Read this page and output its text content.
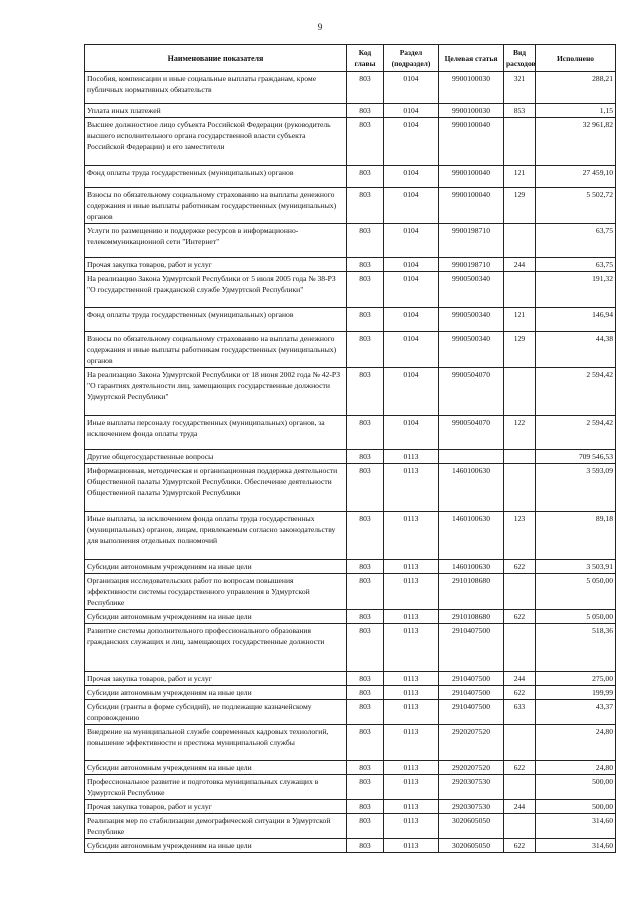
9
Наименование показателя	Код главы	Раздел (подраздел)	Целевая статья	Вид расходов	Исполнено
Пособия, компенсации и иные социальные выплаты гражданам, кроме публичных нормативных обязательств	803	0104	9900100030	321	288,21
Уплата иных платежей	803	0104	9900100030	853	1,15
Высшее должностное лицо субъекта Российской Федерации (руководитель высшего исполнительного органа государственной власти субъекта Российской Федерации) и его заместители	803	0104	9900100040		32 961,82
Фонд оплаты труда государственных (муниципальных) органов	803	0104	9900100040	121	27 459,10
Взносы по обязательному социальному страхованию на выплаты денежного содержания и иные выплаты работникам государственных (муниципальных) органов	803	0104	9900100040	129	5 502,72
Услуги по размещению и поддержке ресурсов в информационно-телекоммуникационной сети "Интернет"	803	0104	9900198710		63,75
Прочая закупка товаров, работ и услуг	803	0104	9900198710	244	63,75
На реализацию Закона Удмуртской Республики от 5 июля 2005 года № 38-РЗ "О государственной гражданской службе Удмуртской Республики"	803	0104	9900500340		191,32
Фонд оплаты труда государственных (муниципальных) органов	803	0104	9900500340	121	146,94
Взносы по обязательному социальному страхованию на выплаты денежного содержания и иные выплаты работникам государственных (муниципальных) органов	803	0104	9900500340	129	44,38
На реализацию Закона Удмуртской Республики от 18 июня 2002 года № 42-РЗ "О гарантиях деятельности лиц, замещающих государственные должности Удмуртской Республики"	803	0104	9900504070		2 594,42
Иные выплаты персоналу государственных (муниципальных) органов, за исключением фонда оплаты труда	803	0104	9900504070	122	2 594,42
Другие общегосударственные вопросы	803	0113			709 546,53
Информационная, методическая и организационная поддержка деятельности Общественной палаты Удмуртской Республики. Обеспечение деятельности Общественной палаты Удмуртской Республики	803	0113	1460100630		3 593,09
Иные выплаты, за исключением фонда оплаты труда государственных (муниципальных) органов, лицам, привлекаемым согласно законодательству для выполнения отдельных полномочий	803	0113	1460100630	123	89,18
Субсидии автономным учреждениям на иные цели	803	0113	1460100630	622	3 503,91
Организация исследовательских работ по вопросам повышения эффективности системы государственного управления в Удмуртской Республике	803	0113	2910108680		5 050,00
Субсидии автономным учреждениям на иные цели	803	0113	2910108680	622	5 050,00
Развитие системы дополнительного профессионального образования гражданских служащих и лиц, замещающих государственные должности	803	0113	2910407500		518,36
Прочая закупка товаров, работ и услуг	803	0113	2910407500	244	275,00
Субсидии автономным учреждениям на иные цели	803	0113	2910407500	622	199,99
Субсидии (гранты в форме субсидий), не подлежащие казначейскому сопровождению	803	0113	2910407500	633	43,37
Внедрение на муниципальной службе современных кадровых технологий, повышение эффективности и престижа муниципальной службы	803	0113	2920207520		24,80
Субсидии автономным учреждениям на иные цели	803	0113	2920207520	622	24,80
Профессиональное развитие и подготовка муниципальных служащих в Удмуртской Республике	803	0113	2920307530		500,00
Прочая закупка товаров, работ и услуг	803	0113	2920307530	244	500,00
Реализация мер по стабилизации демографической ситуации в Удмуртской Республике	803	0113	3020605050		314,60
Субсидии автономным учреждениям на иные цели	803	0113	3020605050	622	314,60
